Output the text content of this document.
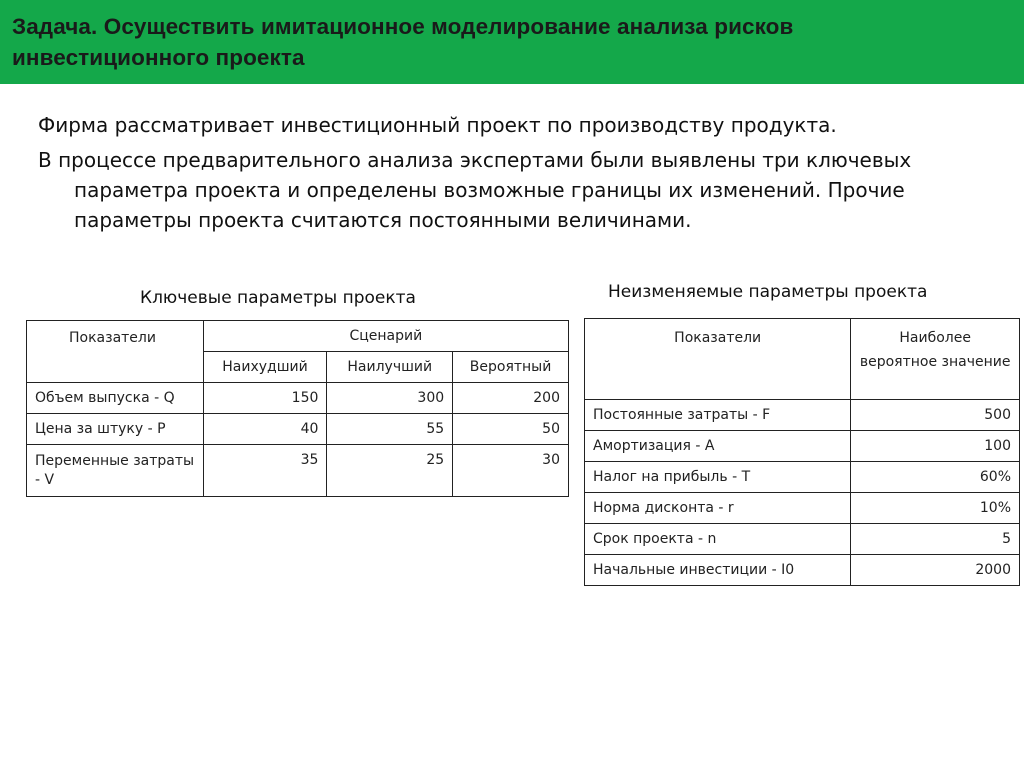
Задача. Осуществить имитационное моделирование анализа рисков
инвестиционного проекта

Фирма рассматривает инвестиционный проект по производству продукта.

В процессе предварительного анализа экспертами были выявлены три ключевых параметра проекта и определены возможные границы их изменений. Прочие параметры проекта считаются постоянными величинами.

Ключевые параметры проекта	Неизменяемые параметры проекта
Показатели	Сценарий		
	Наихудший	Наилучший	Вероятный
Объем выпуска - Q	150	300	200
Цена за штуку - P	40	55	50
Переменные затраты - V	35	25	30
Показатели	Наиболее вероятное значение
Постоянные затраты - F	500
Амортизация - A	100
Налог на прибыль - T	60%
Норма дисконта - r	10%
Срок проекта - n	5
Начальные инвестиции - I0	2000
